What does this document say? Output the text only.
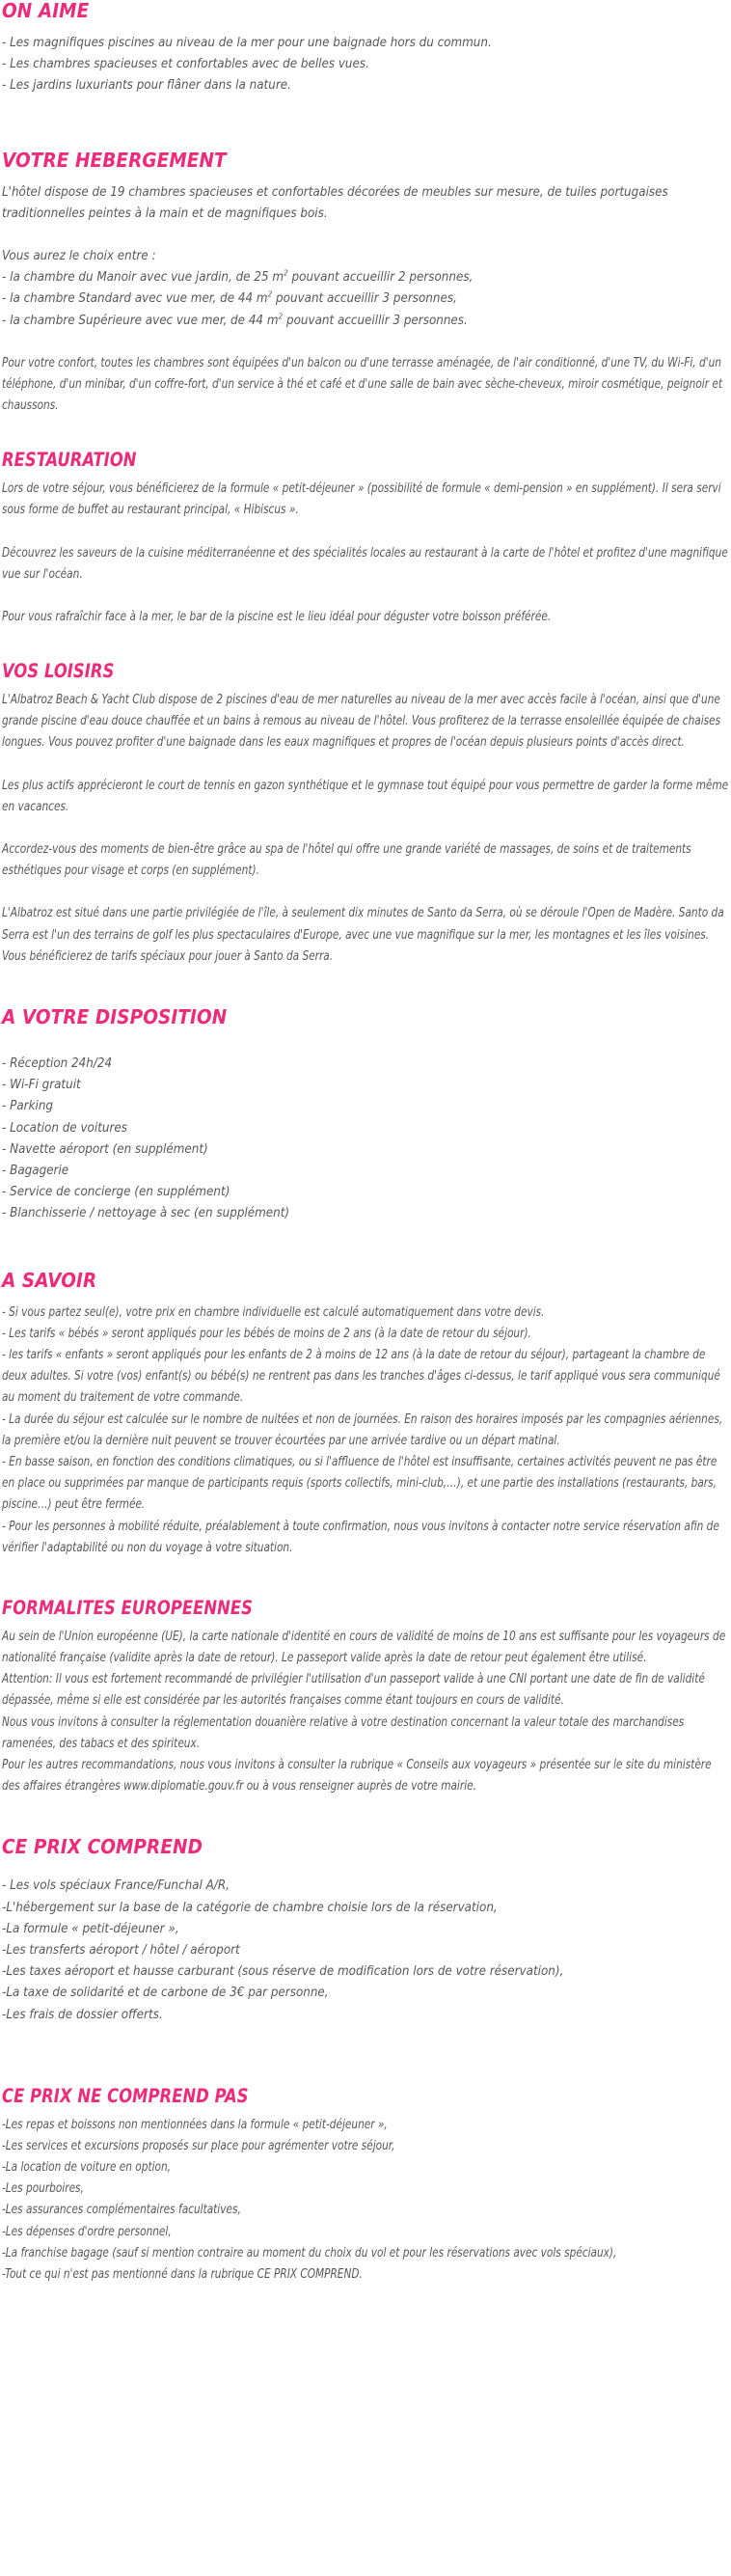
ON AIME

- Les magnifiques piscines au niveau de la mer pour une baignade hors du commun.

- Les chambres spacieuses et confortables avec de belles vues.

- Les jardins luxuriants pour flâner dans la nature.

VOTRE HEBERGEMENT

L'hôtel dispose de 19 chambres spacieuses et confortables décorées de meubles sur mesure, de tuiles portugaises traditionnelles peintes à la main et de magnifiques bois.

Vous aurez le choix entre :

- la chambre du Manoir avec vue jardin, de 25 $m^2$ pouvant accueillir 2 personnes,

- la chambre Standard avec vue mer, de 44 $m^2$ pouvant accueillir 3 personnes,

- la chambre Supérieure avec vue mer, de 44 $m^2$ pouvant accueillir 3 personnes.

Pour votre confort, toutes les chambres sont équipées d'un balcon ou d'une terrasse aménagée, de l'air conditionné, d'une TV, du Wi-Fi, d'un téléphone, d'un minibar, d'un coffre-fort, d'un service à thé et café et d'une salle de bain avec sèche-cheveux, miroir cosmétique, peignoir et chaussons.

RESTAURATION

Lors de votre séjour, vous bénéficierez de la formule « petit-déjeuner » (possibilité de formule « demi-pension » en supplément). Il sera servi sous forme de buffet au restaurant principal, « Hibiscus ».

Découvrez les saveurs de la cuisine méditerranéenne et des spécialités locales au restaurant à la carte de l'hôtel et profitez d'une magnifique vue sur l'océan.

Pour vous rafraîchir face à la mer, le bar de la piscine est le lieu idéal pour déguster votre boisson préférée.

VOS LOISIRS

L'Albatroz Beach & Yacht Club dispose de 2 piscines d'eau de mer naturelles au niveau de la mer avec accès facile à l'océan, ainsi que d'une grande piscine d'eau douce chauffée et un bains à remous au niveau de l'hôtel. Vous profiterez de la terrasse ensoleillée équipée de chaises longues. Vous pouvez profiter d'une baignade dans les eaux magnifiques et propres de l'océan depuis plusieurs points d'accès direct.

Les plus actifs apprécieront le court de tennis en gazon synthétique et le gymnase tout équipé pour vous permettre de garder la forme même en vacances.

Accordez-vous des moments de bien-être grâce au spa de l'hôtel qui offre une grande variété de massages, de soins et de traitements esthétiques pour visage et corps (en supplément).

L'Albatroz est situé dans une partie privilégiée de l'île, à seulement dix minutes de Santo da Serra, où se déroule l'Open de Madère. Santo da Serra est l'un des terrains de golf les plus spectaculaires d'Europe, avec une vue magnifique sur la mer, les montagnes et les îles voisines. Vous bénéficierez de tarifs spéciaux pour jouer à Santo da Serra.

A VOTRE DISPOSITION

- Réception 24h/24

- Wi-Fi gratuit

- Parking

- Location de voitures

- Navette aéroport (en supplément)

- Bagagerie

- Service de concierge (en supplément)

- Blanchisserie / nettoyage à sec (en supplément)

A SAVOIR

- Si vous partez seul(e), votre prix en chambre individuelle est calculé automatiquement dans votre devis.

- Les tarifs « bébés » seront appliqués pour les bébés de moins de 2 ans (à la date de retour du séjour).

- les tarifs « enfants » seront appliqués pour les enfants de 2 à moins de 12 ans (à la date de retour du séjour), partageant la chambre de deux adultes. Si votre (vos) enfant(s) ou bébé(s) ne rentrent pas dans les tranches d'âges ci-dessus, le tarif appliqué vous sera communiqué au moment du traitement de votre commande.

- La durée du séjour est calculée sur le nombre de nuitées et non de journées. En raison des horaires imposés par les compagnies aériennes, la première et/ou la dernière nuit peuvent se trouver écourtées par une arrivée tardive ou un départ matinal.

- En basse saison, en fonction des conditions climatiques, ou si l'affluence de l'hôtel est insuffisante, certaines activités peuvent ne pas être en place ou supprimées par manque de participants requis (sports collectifs, mini-club,…), et une partie des installations (restaurants, bars, piscine…) peut être fermée.

- Pour les personnes à mobilité réduite, préalablement à toute confirmation, nous vous invitons à contacter notre service réservation afin de vérifier l'adaptabilité ou non du voyage à votre situation.

FORMALITES EUROPEENNES

Au sein de l'Union européenne (UE), la carte nationale d'identité en cours de validité de moins de 10 ans est suffisante pour les voyageurs de nationalité française (validite après la date de retour). Le passeport valide après la date de retour peut également être utilisé.

Attention: Il vous est fortement recommandé de privilégier l'utilisation d'un passeport valide à une CNI portant une date de fin de validité dépassée, même si elle est considérée par les autorités françaises comme étant toujours en cours de validité.

Nous vous invitons à consulter la réglementation douanière relative à votre destination concernant la valeur totale des marchandises ramenées, des tabacs et des spiriteux.

Pour les autres recommandations, nous vous invitons à consulter la rubrique « Conseils aux voyageurs » présentée sur le site du ministère des affaires étrangères www.diplomatie.gouv.fr ou à vous renseigner auprès de votre mairie.

CE PRIX COMPREND

- Les vols spéciaux France/Funchal A/R,

-L'hébergement sur la base de la catégorie de chambre choisie lors de la réservation,

-La formule « petit-déjeuner »,

-Les transferts aéroport / hôtel / aéroport

-Les taxes aéroport et hausse carburant (sous réserve de modification lors de votre réservation),

-La taxe de solidarité et de carbone de 3€ par personne,

-Les frais de dossier offerts.

CE PRIX NE COMPREND PAS

-Les repas et boissons non mentionnées dans la formule « petit-déjeuner »,

-Les services et excursions proposés sur place pour agrémenter votre séjour,

-La location de voiture en option,

-Les pourboires,

-Les assurances complémentaires facultatives,

-Les dépenses d'ordre personnel,

-La franchise bagage (sauf si mention contraire au moment du choix du vol et pour les réservations avec vols spéciaux),

-Tout ce qui n'est pas mentionné dans la rubrique CE PRIX COMPREND.
